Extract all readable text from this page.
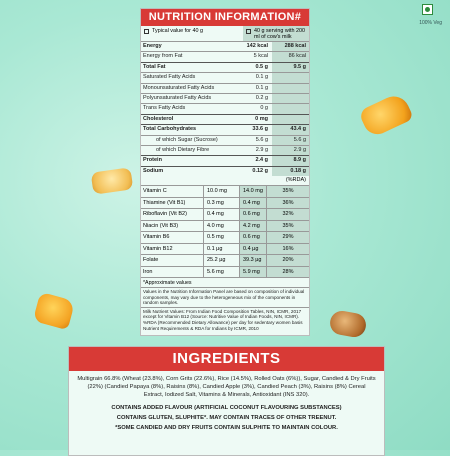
100% Veg
NUTRITION INFORMATION#
Typical value for 40 g	40 g serving with 200 ml of cow's milk
Energy	142 kcal	288 kcal
Energy from Fat	5 kcal	86 kcal
Total Fat	0.5 g	9.5 g
Saturated Fatty Acids	0.1 g
Monounsaturated Fatty Acids	0.1 g
Polyunsaturated Fatty Acids	0.2 g
Trans Fatty Acids	0 g
Cholesterol	0 mg
Total Carbohydrates	33.6 g	43.4 g
of which Sugar (Sucrose)	5.6 g	5.6 g
of which Dietary Fibre	2.9 g	2.9 g
Protein	2.4 g	8.9 g
Sodium	0.12 g	0.18 g
(%RDA)
Vitamin C	10.0 mg	14.0 mg	35%
Thiamine (Vit B1)	0.3 mg	0.4 mg	36%
Riboflavin (Vit B2)	0.4 mg	0.6 mg	32%
Niacin (Vit B3)	4.0 mg	4.2 mg	35%
Vitamin B6	0.5 mg	0.6 mg	29%
Vitamin B12	0.1 µg	0.4 µg	16%
Folate	25.2 µg	39.3 µg	20%
Iron	5.6 mg	5.9 mg	28%
*Approximate values
Values in the Nutrition Information Panel are based on composition of individual components, may vary due to the heterogeneous mix of the components in random samples.
Milk Nutrient Values: From Indian Food Composition Tables, NIN, ICMR, 2017 except for Vitamin B12 (Source: Nutritive Value of Indian Foods, NIN, ICMR). %RDA (Recommended Dietary Allowance) per day for sedentary women basis Nutrient Requirements & RDA for Indians by ICMR, 2010
INGREDIENTS
Multigrain 66.8% (Wheat (23.8%), Corn Grits (22.6%), Rice (14.5%), Rolled Oats (6%)), Sugar, Candied & Dry Fruits (22%) (Candied Papaya (8%), Raisins (8%), Candied Apple (3%), Candied Peach (3%), Raisins (8%) Cereal Extract, Iodized Salt, Vitamins & Minerals, Antioxidant (INS 320).
CONTAINS ADDED FLAVOUR (ARTIFICIAL COCONUT FLAVOURING SUBSTANCES)
CONTAINS GLUTEN, SLUPHITE*. MAY CONTAIN TRACES OF OTHER TREENUT.
*SOME CANDIED AND DRY FRUITS CONTAIN SULPHITE TO MAINTAIN COLOUR.
